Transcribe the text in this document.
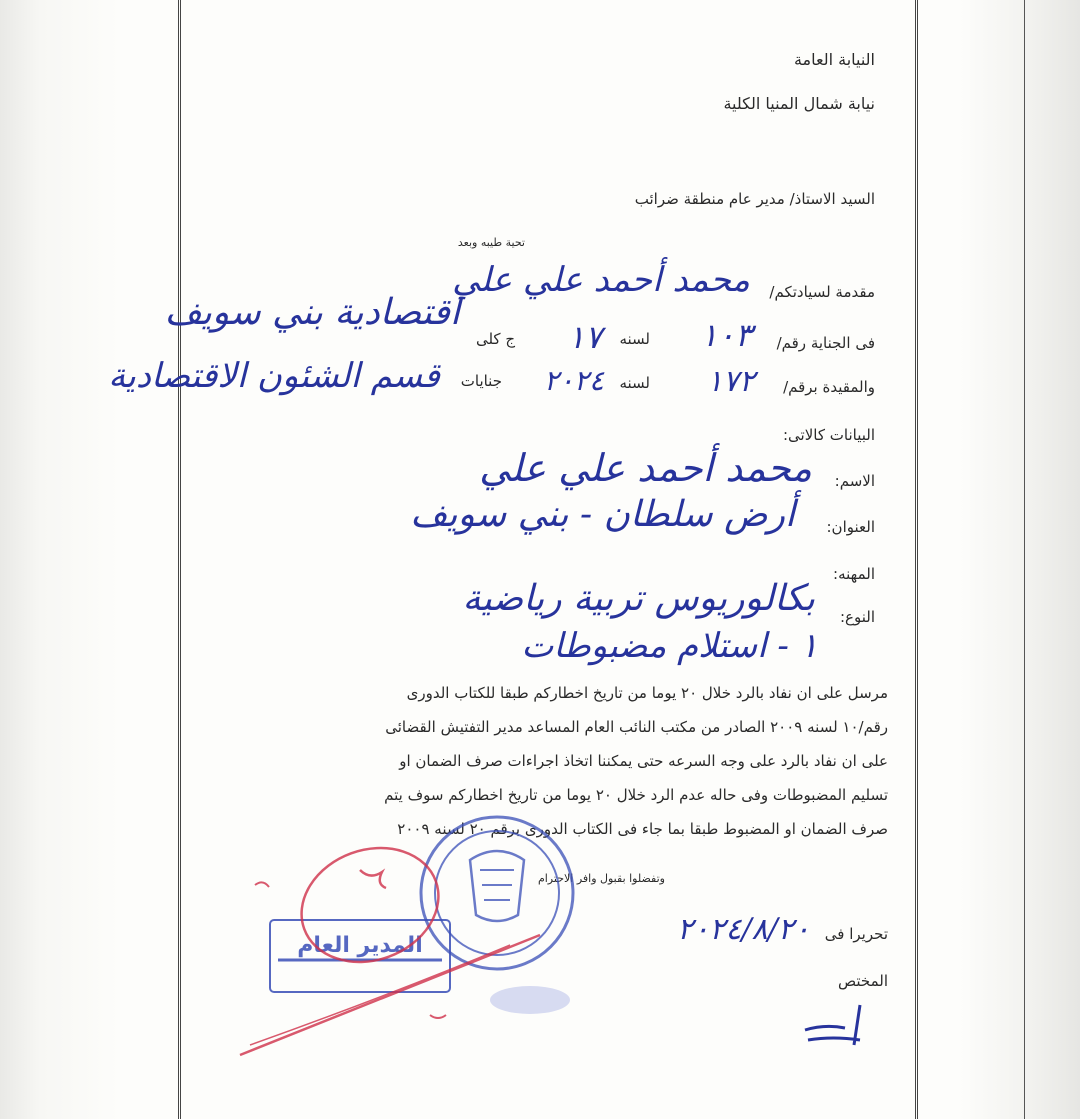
النيابة العامة
نيابة شمال المنيا الكلية
السيد الاستاذ/ مدير عام منطقة ضرائب
تحية طيبه وبعد
مقدمة لسيادتكم/
محمد أحمد علي علي
فى الجناية رقم/
١٠٣
لسنه
١٧
ج كلى
اقتصادية بني سويف
والمقيدة برقم/
١٧٢
لسنه
٢٠٢٤
جنايات
قسم الشئون الاقتصادية
البيانات كالاتى:
الاسم:
محمد أحمد علي علي
العنوان:
أرض سلطان - بني سويف
المهنه:
بكالوريوس تربية رياضية النوع:
١ - استلام مضبوطات
مرسل على ان نفاد بالرد خلال ٢٠ يوما من تاريخ اخطاركم طبقا للكتاب الدورى
رقم/١٠ لسنه ٢٠٠٩ الصادر من مكتب النائب العام المساعد مدير التفتيش القضائى
على ان نفاد بالرد على وجه السرعه حتى يمكننا اتخاذ اجراءات صرف الضمان او
تسليم المضبوطات وفى حاله عدم الرد خلال ٢٠ يوما من تاريخ اخطاركم سوف يتم
صرف الضمان او المضبوط طبقا بما جاء فى الكتاب الدورى برقم ٢٠ لسنه ٢٠٠٩
وتفضلوا بقبول وافر الاحترام
تحريرا فى
٢٠٢٤/٨/٢٠
المختص
المدير العام
